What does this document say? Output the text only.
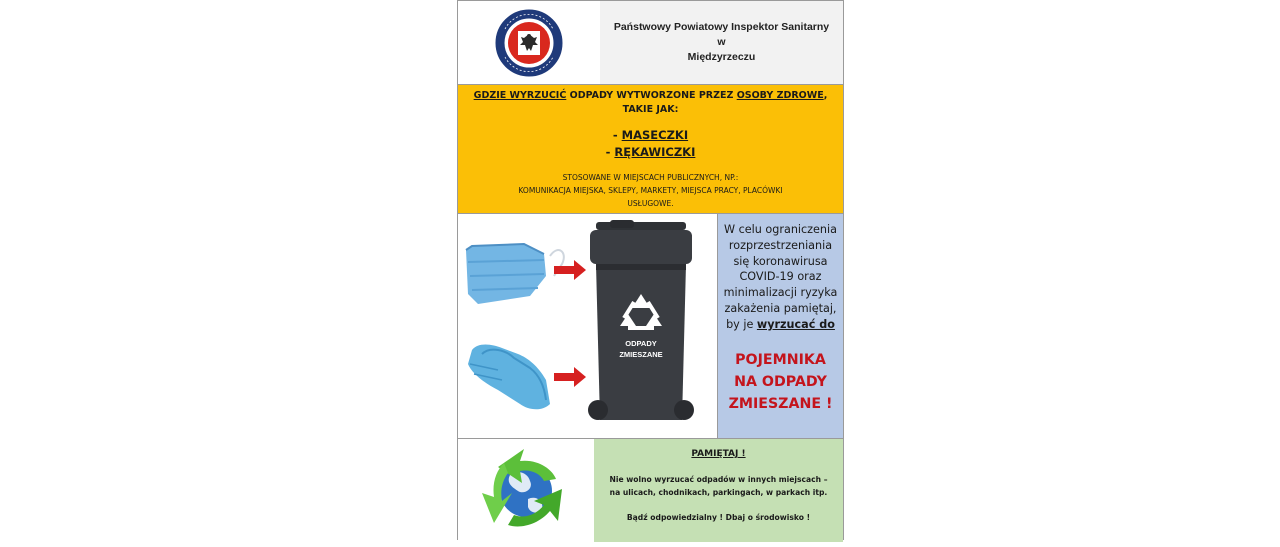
Państwowy Powiatowy Inspektor Sanitarny
w
Międzyrzeczu
GDZIE WYRZUCIĆ ODPADY WYTWORZONE PRZEZ OSOBY ZDROWE,
TAKIE JAK:
- MASECZKI
- RĘKAWICZKI
STOSOWANE W MIEJSCACH PUBLICZNYCH, NP.:
KOMUNIKACJA MIEJSKA, SKLEPY, MARKETY, MIEJSCA PRACY, PLACÓWKI
USŁUGOWE.
ODPADY
ZMIESZANE
W celu ograniczenia
rozprzestrzeniania
się koronawirusa
COVID-19 oraz
minimalizacji ryzyka
zakażenia pamiętaj,
by je wyrzucać do
POJEMNIKA
NA ODPADY
ZMIESZANE !
PAMIĘTAJ !
Nie wolno wyrzucać odpadów w innych miejscach –
na ulicach, chodnikach, parkingach, w parkach itp.
Bądź odpowiedzialny ! Dbaj o środowisko !
